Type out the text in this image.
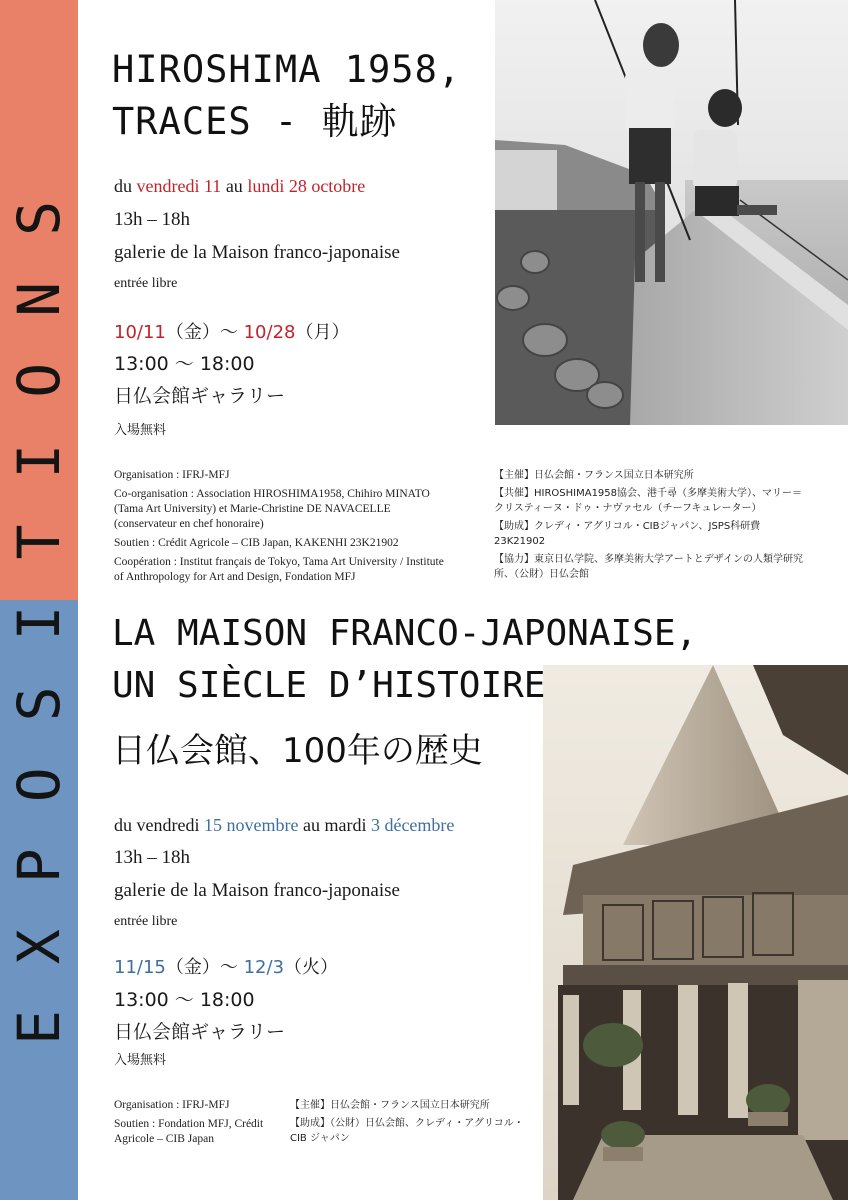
EXPOSITIONS
HIROSHIMA 1958,
TRACES - 軌跡
du vendredi 11 au lundi 28 octobre
13h – 18h
galerie de la Maison franco-japonaise
entrée libre
10/11（金）～ 10/28（月）
13:00 ～ 18:00
日仏会館ギャラリー
入場無料

Organisation : IFRJ-MFJ

Co-organisation : Association HIROSHIMA1958, Chihiro MINATO (Tama Art University) et Marie-Christine DE NAVACELLE (conservateur en chef honoraire)

Soutien : Crédit Agricole – CIB Japan, KAKENHI 23K21902

Coopération : Institut français de Tokyo, Tama Art University / Institute of Anthropology for Art and Design, Fondation MFJ

【主催】日仏会館・フランス国立日本研究所

【共催】HIROSHIMA1958協会、港千尋（多摩美術大学）、マリー＝クリスティーヌ・ドゥ・ナヴァセル（チーフキュレーター）

【助成】クレディ・アグリコル・CIBジャパン、JSPS科研費 23K21902

【協力】東京日仏学院、多摩美術大学アートとデザインの人類学研究所、（公財）日仏会館

LA MAISON FRANCO-JAPONAISE,
UN SIÈCLE D’HISTOIRE
日仏会館、100年の歴史
du vendredi 15 novembre au mardi 3 décembre
13h – 18h
galerie de la Maison franco-japonaise
entrée libre
11/15（金）～ 12/3（火）
13:00 ～ 18:00
日仏会館ギャラリー
入場無料

Organisation : IFRJ-MFJ

Soutien : Fondation MFJ, Crédit Agricole – CIB Japan

【主催】日仏会館・フランス国立日本研究所

【助成】（公財）日仏会館、クレディ・アグリコル・CIB ジャパン
